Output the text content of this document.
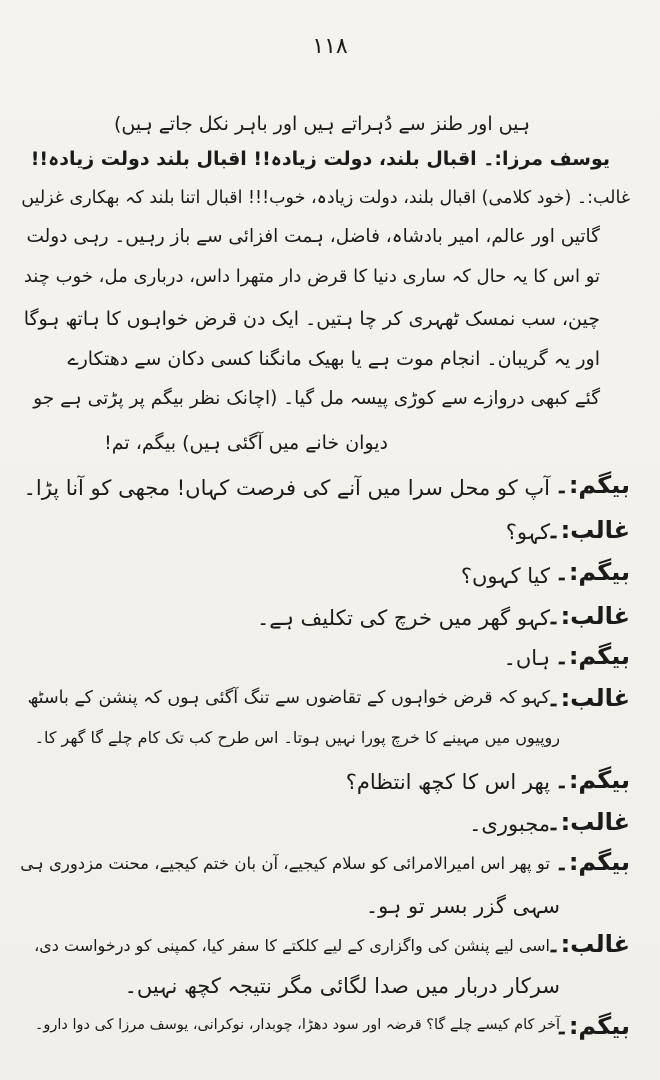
۱۱۸
ہیں اور طنز سے دُہراتے ہیں اور باہر نکل جاتے ہیں)
یوسف مرزا:۔ اقبال بلند، دولت زیادہ!! اقبال بلند دولت زیادہ!!
غالب:۔ (خود کلامی) اقبال بلند، دولت زیادہ، خوب!!! اقبال اتنا بلند کہ بھکاری غزلیں
گاتیں اور عالم، امیر بادشاہ، فاضل، ہمت افزائی سے باز رہیں۔ رہی دولت
تو اس کا یہ حال کہ ساری دنیا کا قرض دار متھرا داس، درباری مل، خوب چند
چین، سب نمسک ٹھہری کر چا ہتیں۔ ایک دن قرض خواہوں کا ہاتھ ہوگا
اور یہ گریبان۔ انجام موت ہے یا بھیک مانگنا کسی دکان سے دھتکارے
گئے کبھی دروازے سے کوڑی پیسہ مل گیا۔ (اچانک نظر بیگم پر پڑتی ہے جو
دیوان خانے میں آگئی ہیں) بیگم، تم!
بیگم:۔
آپ کو محل سرا میں آنے کی فرصت کہاں! مجھی کو آنا پڑا۔
غالب:۔
کہو؟
بیگم:۔
کیا کہوں؟
غالب:۔
کہو گھر میں خرچ کی تکلیف ہے۔
بیگم:۔
ہاں۔
غالب:۔
کہو کہ قرض خواہوں کے تقاضوں سے تنگ آگئی ہوں کہ پنشن کے باسٹھ
روپیوں میں مہینے کا خرچ پورا نہیں ہوتا۔ اس طرح کب تک کام چلے گا گھر کا۔
بیگم:۔
پھر اس کا کچھ انتظام؟
غالب:۔
مجبوری۔
بیگم:۔
تو پھر اس امیرالامرائی کو سلام کیجیے، آن بان ختم کیجیے، محنت مزدوری ہی
سہی گزر بسر تو ہو۔
غالب:۔
اسی لیے پنشن کی واگزاری کے لیے کلکتے کا سفر کیا، کمپنی کو درخواست دی،
سرکار دربار میں صدا لگائی مگر نتیجہ کچھ نہیں۔
بیگم:۔
آخر کام کیسے چلے گا؟ قرضہ اور سود دھڑا، چوبدار، نوکرانی، یوسف مرزا کی دوا دارو۔
